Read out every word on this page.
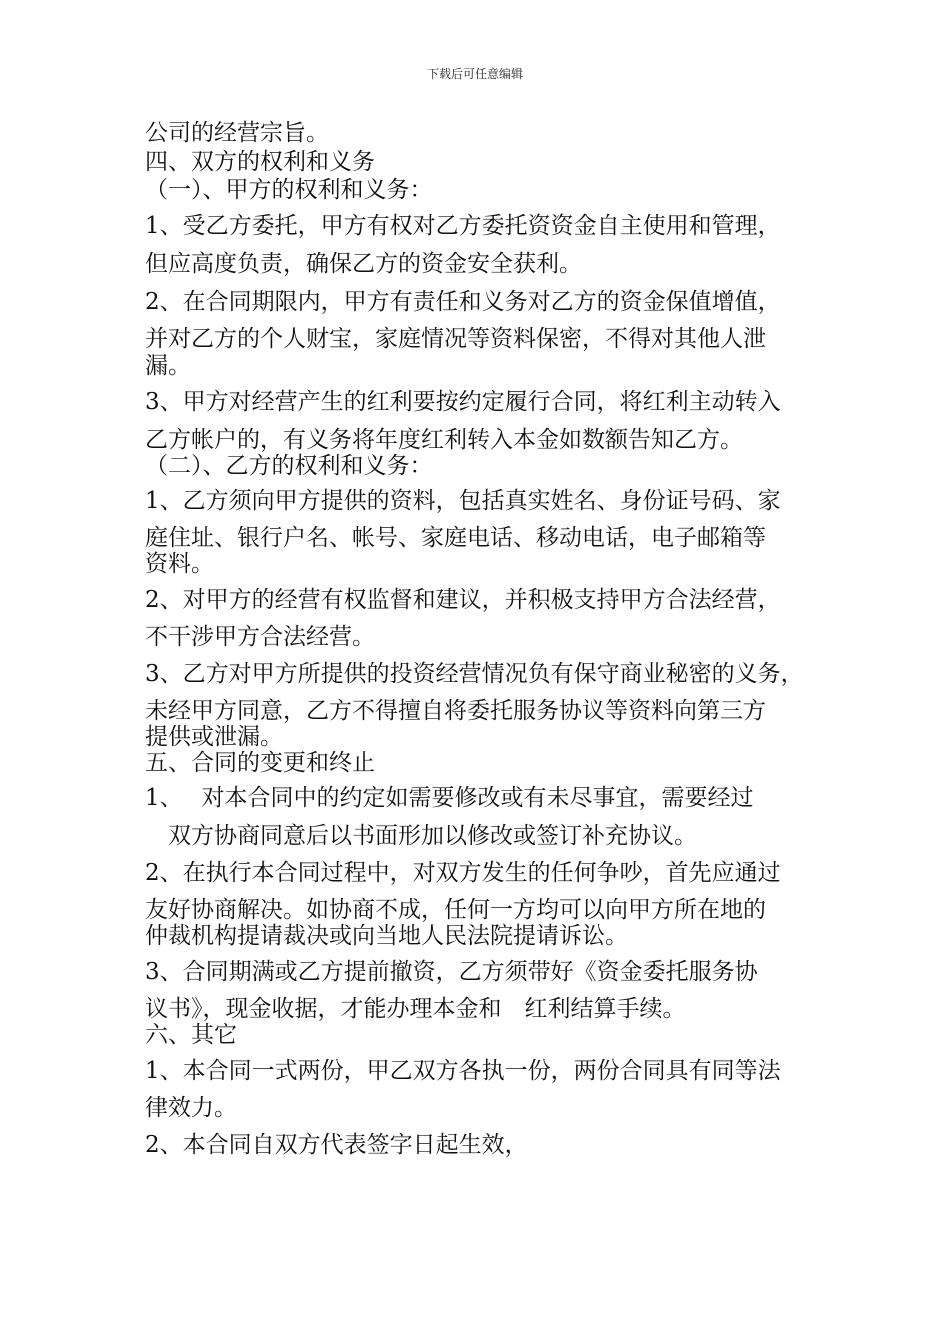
下载后可任意编辑
公司的经营宗旨。
四、双方的权利和义务
（一）、甲方的权利和义务：
1、受乙方委托，甲方有权对乙方委托资资金自主使用和管理，
但应高度负责，确保乙方的资金安全获利。
2、在合同期限内，甲方有责任和义务对乙方的资金保值增值，
并对乙方的个人财宝，家庭情况等资料保密，不得对其他人泄
漏。
3、甲方对经营产生的红利要按约定履行合同，将红利主动转入
乙方帐户的，有义务将年度红利转入本金如数额告知乙方。
（二）、乙方的权利和义务：
1、乙方须向甲方提供的资料，包括真实姓名、身份证号码、家
庭住址、银行户名、帐号、家庭电话、移动电话，电子邮箱等
资料。
2、对甲方的经营有权监督和建议，并积极支持甲方合法经营，
不干涉甲方合法经营。
3、乙方对甲方所提供的投资经营情况负有保守商业秘密的义务，
未经甲方同意，乙方不得擅自将委托服务协议等资料向第三方
提供或泄漏。
五、合同的变更和终止
1、　 对本合同中的约定如需要修改或有未尽事宜，需要经过
　双方协商同意后以书面形加以修改或签订补充协议。
2、在执行本合同过程中，对双方发生的任何争吵，首先应通过
友好协商解决。如协商不成，任何一方均可以向甲方所在地的
仲裁机构提请裁决或向当地人民法院提请诉讼。
3、合同期满或乙方提前撤资，乙方须带好《资金委托服务协
议书》，现金收据，才能办理本金和　红利结算手续。
六、其它
1、本合同一式两份，甲乙双方各执一份，两份合同具有同等法
律效力。
2、本合同自双方代表签字日起生效，
